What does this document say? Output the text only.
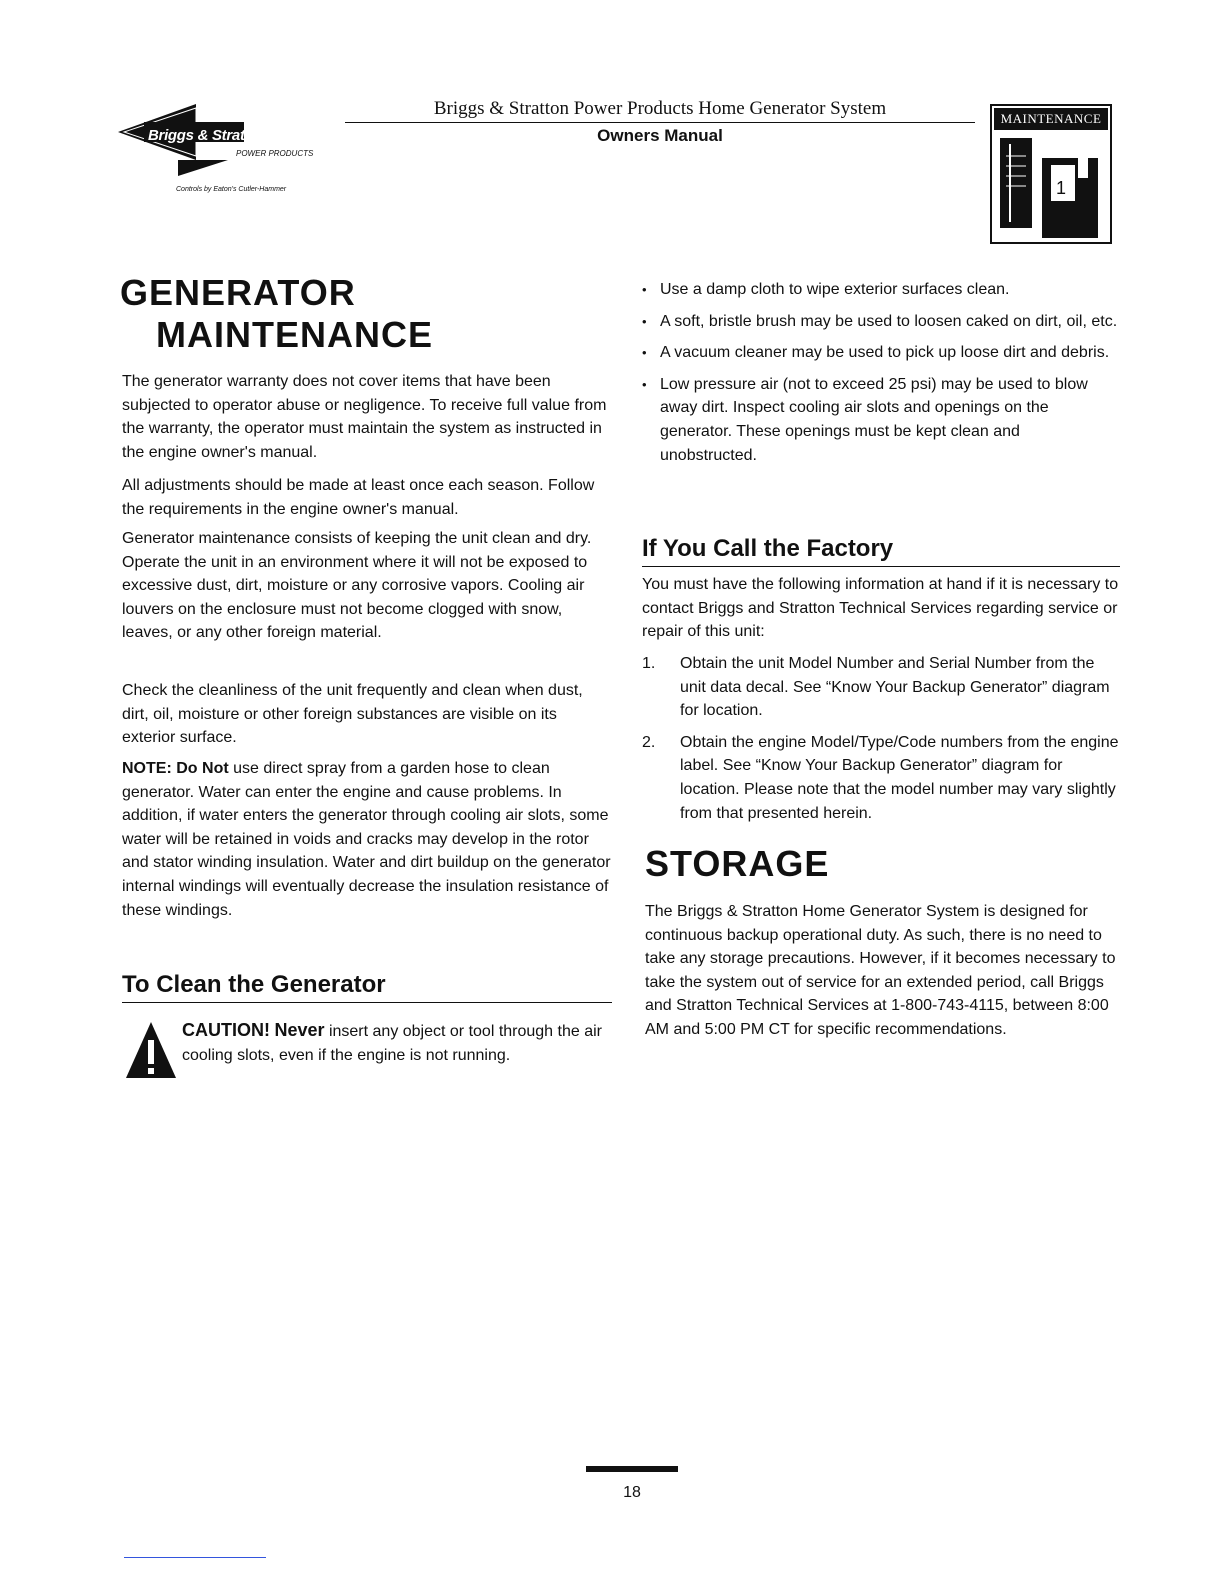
Briggs & Stratton
POWER PRODUCTS
Controls by Eaton's Cutler-Hammer
Briggs & Stratton Power Products Home Generator System
Owners Manual
MAINTENANCE
1
GENERATOR
MAINTENANCE

The generator warranty does not cover items that have been subjected to operator abuse or negligence. To receive full value from the warranty, the operator must maintain the system as instructed in the engine owner's manual.

All adjustments should be made at least once each season. Follow the requirements in the engine owner's manual.

Generator maintenance consists of keeping the unit clean and dry. Operate the unit in an environment where it will not be exposed to excessive dust, dirt, moisture or any corrosive vapors. Cooling air louvers on the enclosure must not become clogged with snow, leaves, or any other foreign material.

Check the cleanliness of the unit frequently and clean when dust, dirt, oil, moisture or other foreign substances are visible on its exterior surface.

NOTE: Do Not use direct spray from a garden hose to clean generator. Water can enter the engine and cause problems. In addition, if water enters the generator through cooling air slots, some water will be retained in voids and cracks may develop in the rotor and stator winding insulation. Water and dirt buildup on the generator internal windings will eventually decrease the insulation resistance of these windings.

To Clean the Generator
CAUTION! Never insert any object or tool through the air cooling slots, even if the engine is not running.
• Use a damp cloth to wipe exterior surfaces clean.
• A soft, bristle brush may be used to loosen caked on dirt, oil, etc.
• A vacuum cleaner may be used to pick up loose dirt and debris.
• Low pressure air (not to exceed 25 psi) may be used to blow away dirt. Inspect cooling air slots and openings on the generator. These openings must be kept clean and unobstructed.
If You Call the Factory

You must have the following information at hand if it is necessary to contact Briggs and Stratton Technical Services regarding service or repair of this unit:

1. Obtain the unit Model Number and Serial Number from the unit data decal. See “Know Your Backup Generator” diagram for location.
2. Obtain the engine Model/Type/Code numbers from the engine label. See “Know Your Backup Generator” diagram for location. Please note that the model number may vary slightly from that presented herein.
STORAGE

The Briggs & Stratton Home Generator System is designed for continuous backup operational duty. As such, there is no need to take any storage precautions. However, if it becomes necessary to take the system out of service for an extended period, call Briggs and Stratton Technical Services at 1-800-743-4115, between 8:00 AM and 5:00 PM CT for specific recommendations.

18
